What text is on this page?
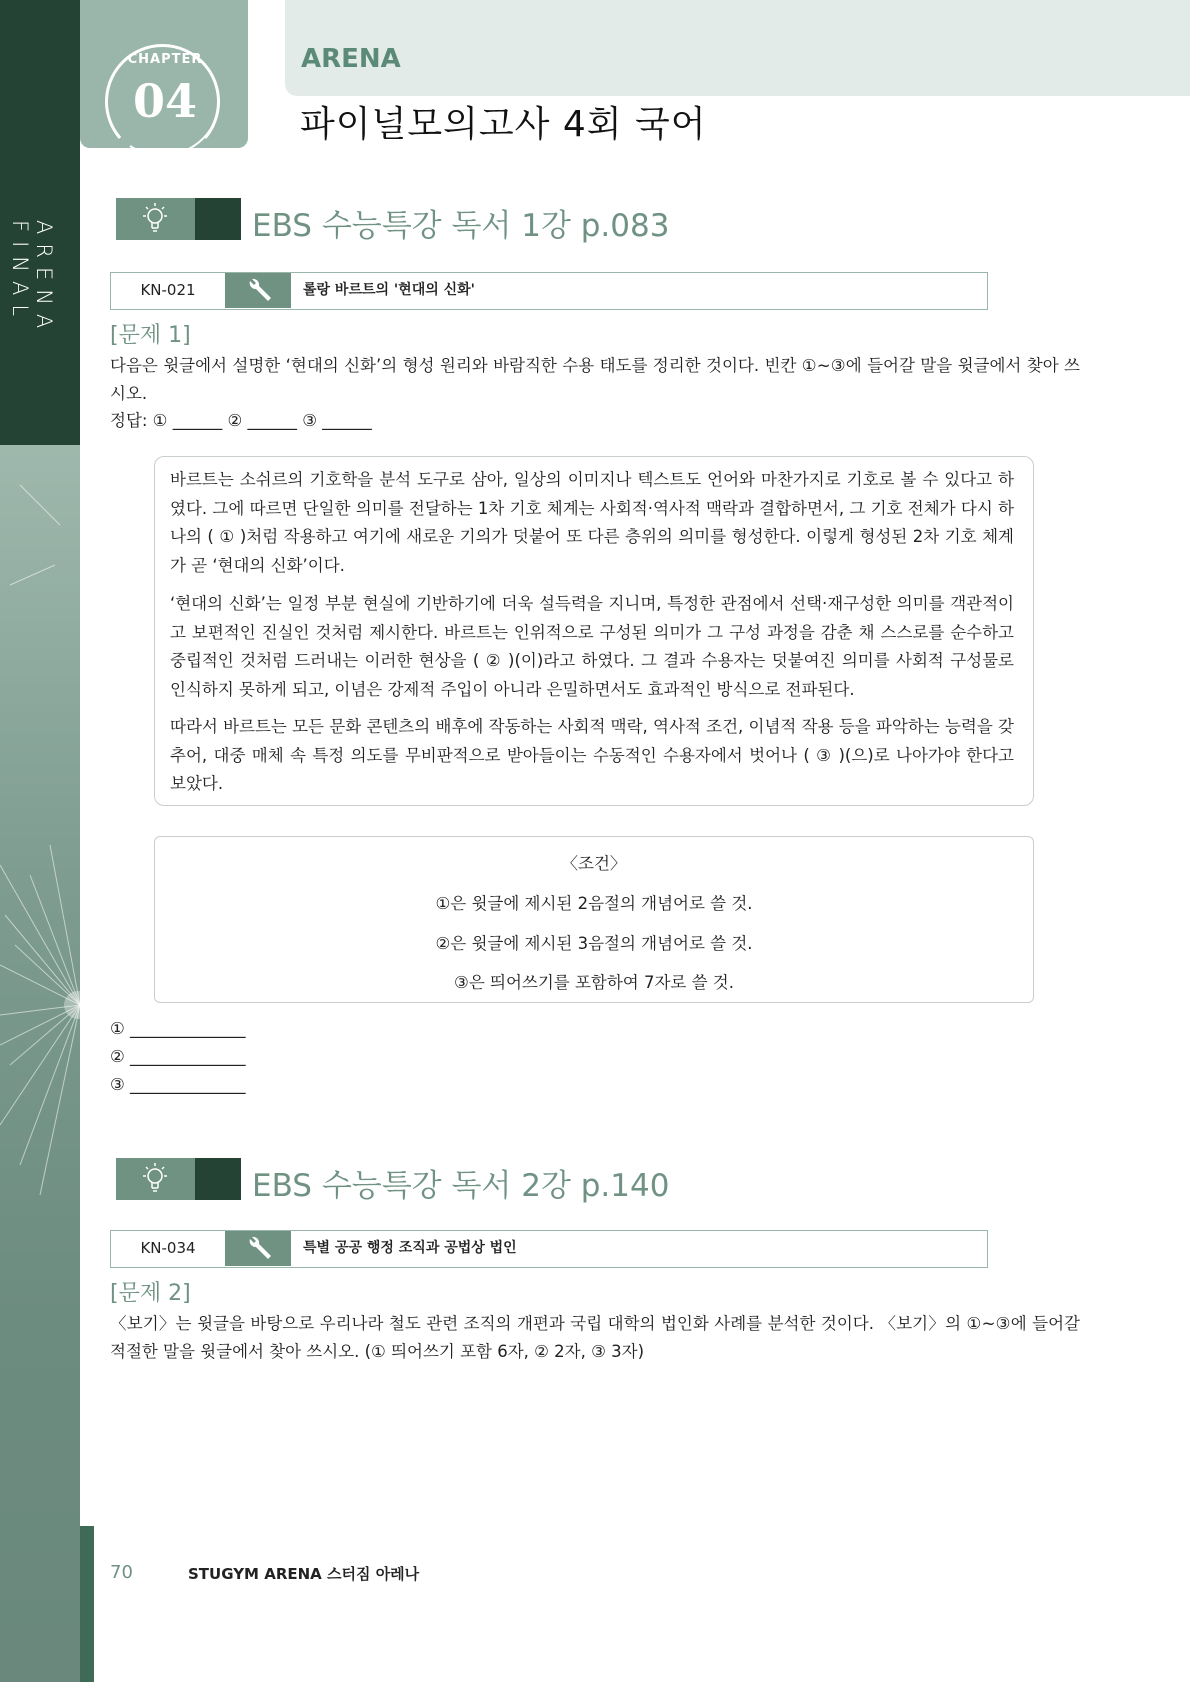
ARENA FINAL
CHAPTER
04
ARENA
파이널모의고사 4회 국어
EBS 수능특강 독서 1강 p.083
KN-021	롤랑 바르트의 '현대의 신화'
[문제 1]
다음은 윗글에서 설명한 ‘현대의 신화’의 형성 원리와 바람직한 수용 태도를 정리한 것이다. 빈칸 ①~③에 들어갈 말을 윗글에서 찾아 쓰시오.
정답: ① ______ ② ______ ③ ______
바르트는 소쉬르의 기호학을 분석 도구로 삼아, 일상의 이미지나 텍스트도 언어와 마찬가지로 기호로 볼 수 있다고 하였다. 그에 따르면 단일한 의미를 전달하는 1차 기호 체계는 사회적·역사적 맥락과 결합하면서, 그 기호 전체가 다시 하나의 ( ① )처럼 작용하고 여기에 새로운 기의가 덧붙어 또 다른 층위의 의미를 형성한다. 이렇게 형성된 2차 기호 체계가 곧 ‘현대의 신화’이다.
‘현대의 신화’는 일정 부분 현실에 기반하기에 더욱 설득력을 지니며, 특정한 관점에서 선택·재구성한 의미를 객관적이고 보편적인 진실인 것처럼 제시한다. 바르트는 인위적으로 구성된 의미가 그 구성 과정을 감춘 채 스스로를 순수하고 중립적인 것처럼 드러내는 이러한 현상을 ( ② )(이)라고 하였다. 그 결과 수용자는 덧붙여진 의미를 사회적 구성물로 인식하지 못하게 되고, 이념은 강제적 주입이 아니라 은밀하면서도 효과적인 방식으로 전파된다.
따라서 바르트는 모든 문화 콘텐츠의 배후에 작동하는 사회적 맥락, 역사적 조건, 이념적 작용 등을 파악하는 능력을 갖추어, 대중 매체 속 특정 의도를 무비판적으로 받아들이는 수동적인 수용자에서 벗어나 ( ③ )(으)로 나아가야 한다고 보았다.
〈조건〉
①은 윗글에 제시된 2음절의 개념어로 쓸 것.
②은 윗글에 제시된 3음절의 개념어로 쓸 것.
③은 띄어쓰기를 포함하여 7자로 쓸 것.
① ______________
② ______________
③ ______________
EBS 수능특강 독서 2강 p.140
KN-034	특별 공공 행정 조직과 공법상 법인
[문제 2]
〈보기〉는 윗글을 바탕으로 우리나라 철도 관련 조직의 개편과 국립 대학의 법인화 사례를 분석한 것이다. 〈보기〉의 ①~③에 들어갈 적절한 말을 윗글에서 찾아 쓰시오. (① 띄어쓰기 포함 6자, ② 2자, ③ 3자)
70	STUGYM ARENA 스터짐 아레나
